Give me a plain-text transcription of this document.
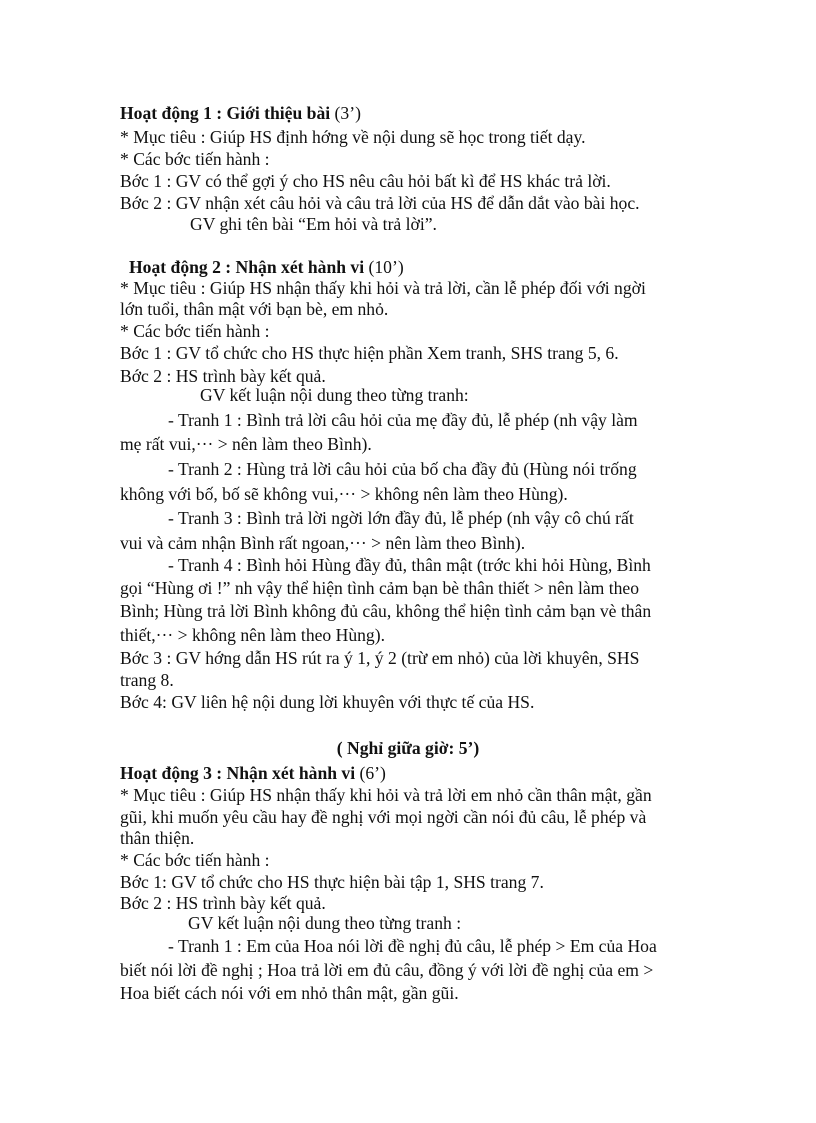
Hoạt động 1 : Giới thiệu bài (3’)
* Mục tiêu : Giúp HS định hớng về nội dung sẽ học trong tiết dạy.
* Các bớc tiến hành :
Bớc 1 : GV có thể gợi ý cho HS nêu câu hỏi bất kì để HS khác trả lời.
Bớc 2 : GV nhận xét câu hỏi và câu trả lời của HS để dẫn dắt vào bài học.
GV ghi tên bài “Em hỏi và trả lời”.
Hoạt động 2 : Nhận xét hành vi (10’)
* Mục tiêu : Giúp HS nhận thấy khi hỏi và trả lời, cần lễ phép đối với ngời
lớn tuổi, thân mật với bạn bè, em nhỏ.
* Các bớc tiến hành :
Bớc 1 : GV tổ chức cho HS thực hiện phần Xem tranh, SHS trang 5, 6.
Bớc 2 : HS trình bày kết quả.
GV kết luận nội dung theo từng tranh:
- Tranh 1 : Bình trả lời câu hỏi của mẹ đầy đủ, lễ phép (nh vậy làm
mẹ rất vui,··· > nên làm theo Bình).
- Tranh 2 : Hùng trả lời câu hỏi của bố cha đầy đủ (Hùng nói trống
không với bố, bố sẽ không vui,··· > không nên làm theo Hùng).
- Tranh 3 : Bình trả lời ngời lớn đầy đủ, lễ phép (nh vậy cô chú rất
vui và cảm nhận Bình rất ngoan,··· > nên làm theo Bình).
- Tranh 4 : Bình hỏi Hùng đầy đủ, thân mật (trớc khi hỏi Hùng, Bình
gọi “Hùng ơi !” nh vậy thể hiện tình cảm bạn bè thân thiết > nên làm theo
Bình; Hùng trả lời Bình không đủ câu, không thể hiện tình cảm bạn vè thân
thiết,··· > không nên làm theo Hùng).
Bớc 3 : GV hớng dẫn HS rút ra ý 1, ý 2 (trừ em nhỏ) của lời khuyên, SHS
trang 8.
Bớc 4: GV liên hệ nội dung lời khuyên với thực tế của HS.
( Nghỉ giữa giờ: 5’)
Hoạt động 3 : Nhận xét hành vi (6’)
* Mục tiêu : Giúp HS nhận thấy khi hỏi và trả lời em nhỏ cần thân mật, gần
gũi, khi muốn yêu cầu hay đề nghị với mọi ngời cần nói đủ câu, lễ phép và
thân thiện.
* Các bớc tiến hành :
Bớc 1: GV tổ chức cho HS thực hiện bài tập 1, SHS trang 7.
Bớc 2 : HS trình bày kết quả.
GV kết luận nội dung theo từng tranh :
- Tranh 1 : Em của Hoa nói lời đề nghị đủ câu, lễ phép > Em của Hoa
biết nói lời đề nghị ; Hoa trả lời em đủ câu, đồng ý với lời đề nghị của em >
Hoa biết cách nói với em nhỏ thân mật, gần gũi.
